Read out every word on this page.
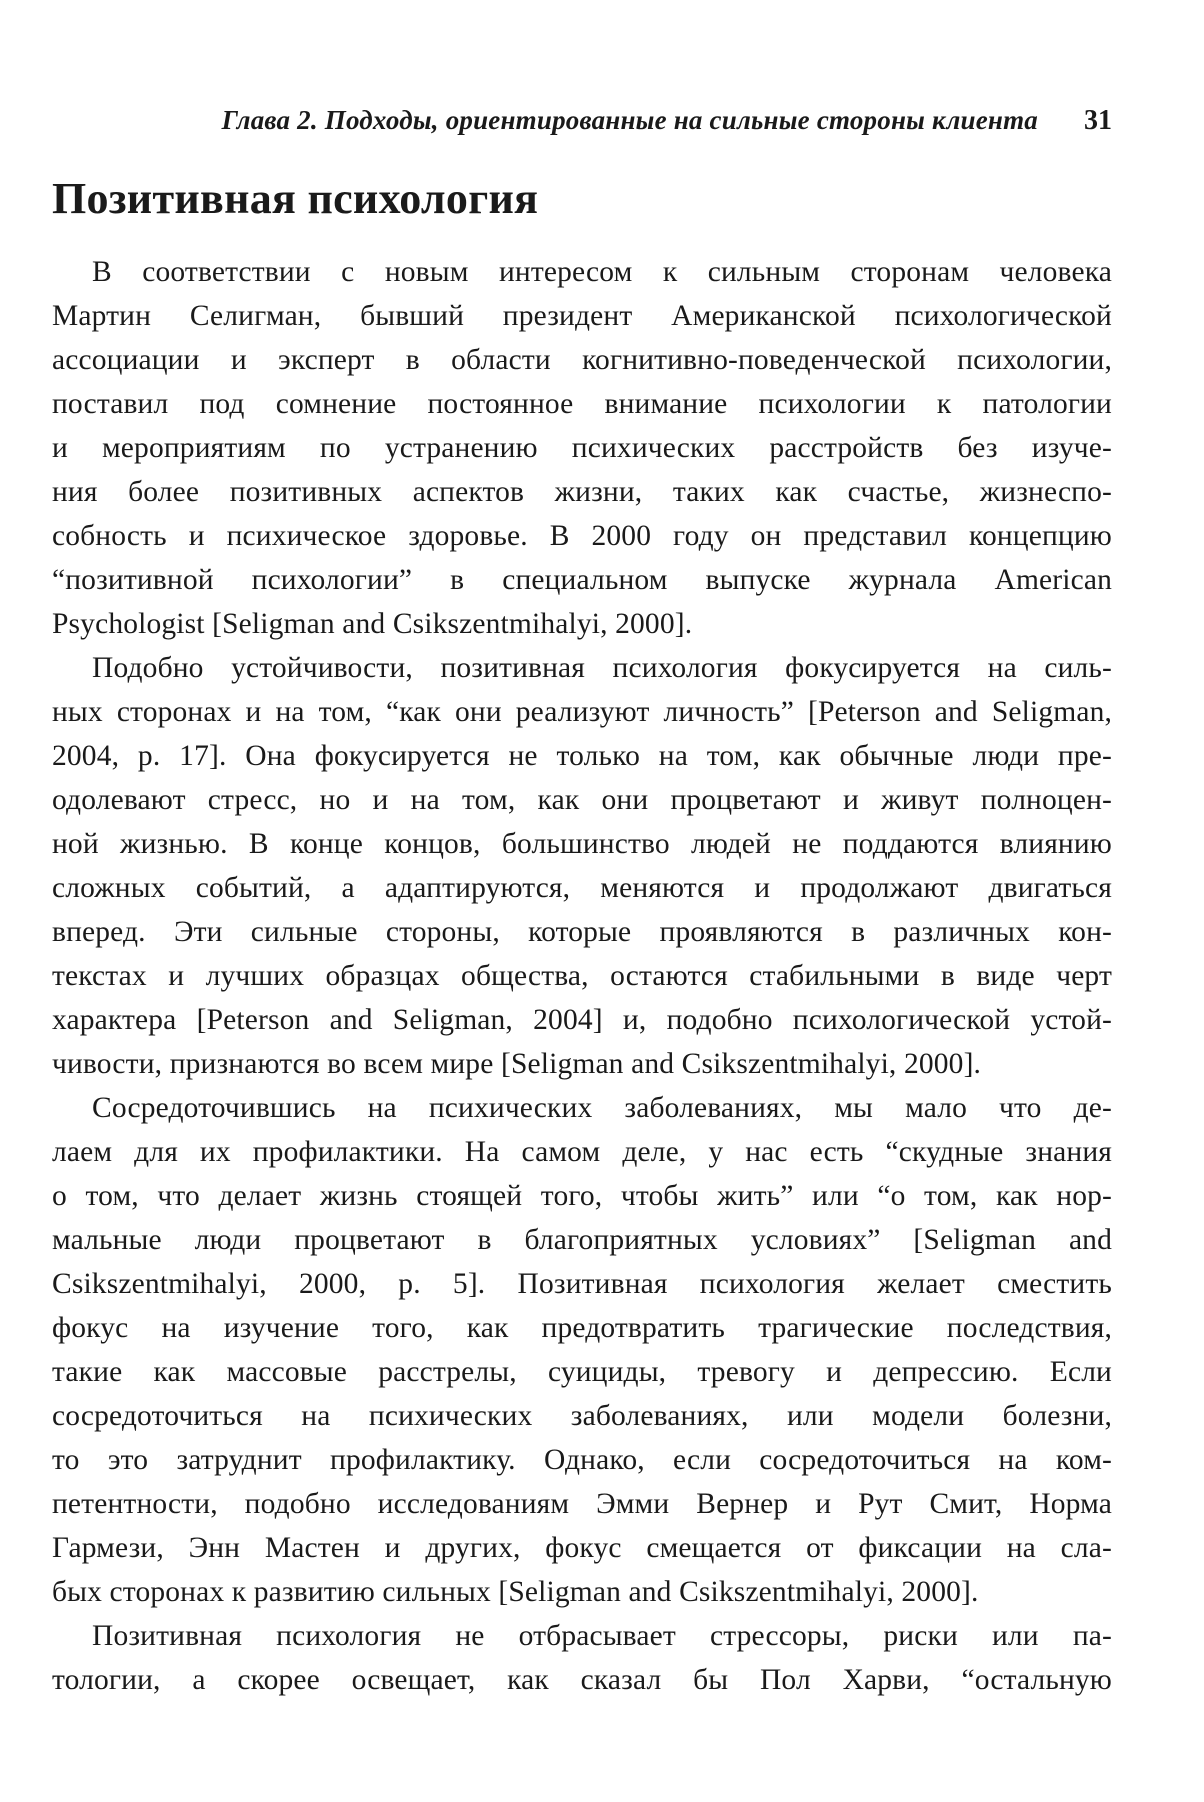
Глава 2. Подходы, ориентированные на сильные стороны клиента 31
Позитивная психология
В соответствии с новым интересом к сильным сторонам человека
Мартин Селигман, бывший президент Американской психологической
ассоциации и эксперт в области когнитивно-поведенческой психологии,
поставил под сомнение постоянное внимание психологии к патологии
и мероприятиям по устранению психических расстройств без изуче-
ния более позитивных аспектов жизни, таких как счастье, жизнеспо-
собность и психическое здоровье. В 2000 году он представил концепцию
“позитивной психологии” в специальном выпуске журнала American
Psychologist [Seligman and Csikszentmihalyi, 2000].
Подобно устойчивости, позитивная психология фокусируется на силь-
ных сторонах и на том, “как они реализуют личность” [Peterson and Seligman,
2004, p. 17]. Она фокусируется не только на том, как обычные люди пре-
одолевают стресс, но и на том, как они процветают и живут полноцен-
ной жизнью. В конце концов, большинство людей не поддаются влиянию
сложных событий, а адаптируются, меняются и продолжают двигаться
вперед. Эти сильные стороны, которые проявляются в различных кон-
текстах и лучших образцах общества, остаются стабильными в виде черт
характера [Peterson and Seligman, 2004] и, подобно психологической устой-
чивости, признаются во всем мире [Seligman and Csikszentmihalyi, 2000].
Сосредоточившись на психических заболеваниях, мы мало что де-
лаем для их профилактики. На самом деле, у нас есть “скудные знания
о том, что делает жизнь стоящей того, чтобы жить” или “о том, как нор-
мальные люди процветают в благоприятных условиях” [Seligman and
Csikszentmihalyi, 2000, p. 5]. Позитивная психология желает сместить
фокус на изучение того, как предотвратить трагические последствия,
такие как массовые расстрелы, суициды, тревогу и депрессию. Если
сосредоточиться на психических заболеваниях, или модели болезни,
то это затруднит профилактику. Однако, если сосредоточиться на ком-
петентности, подобно исследованиям Эмми Вернер и Рут Смит, Норма
Гармези, Энн Мастен и других, фокус смещается от фиксации на сла-
бых сторонах к развитию сильных [Seligman and Csikszentmihalyi, 2000].
Позитивная психология не отбрасывает стрессоры, риски или па-
тологии, а скорее освещает, как сказал бы Пол Харви, “остальную
